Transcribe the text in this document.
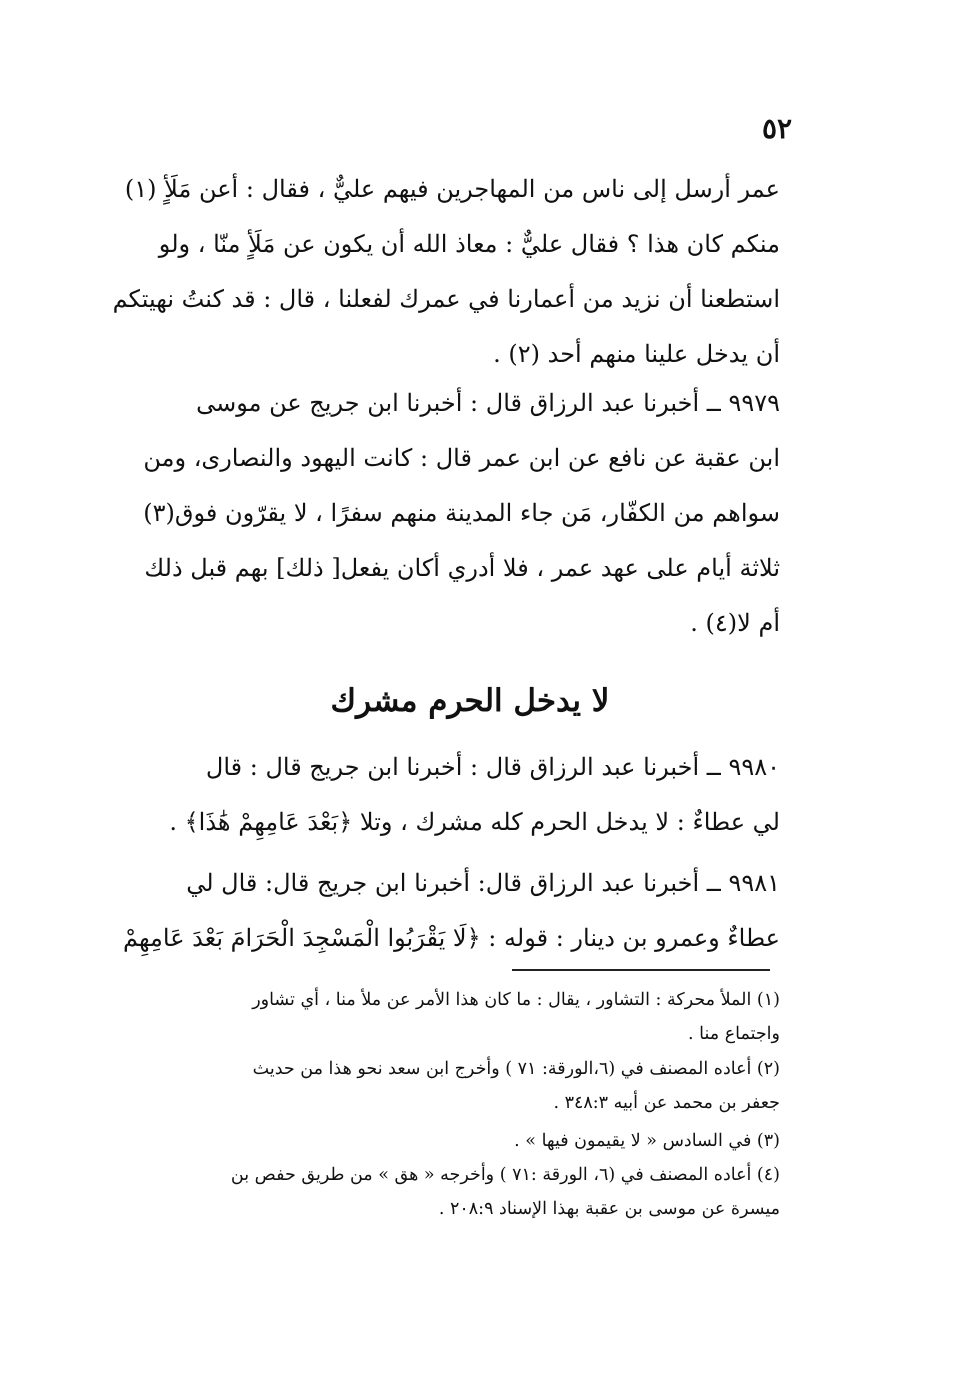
٥٢
عمر أرسل إلى ناس من المهاجرين فيهم عليٌّ ، فقال : أعن مَلَأٍ (١)
منكم كان هذا ؟ فقال عليٌّ : معاذ الله أن يكون عن مَلَأٍ منّا ، ولو
استطعنا أن نزيد من أعمارنا في عمرك لفعلنا ، قال : قد كنتُ نهيتكم
أن يدخل علينا منهم أحد (٢) .
٩٩٧٩ ــ أخبرنا عبد الرزاق قال : أخبرنا ابن جريج عن موسى
ابن عقبة عن نافع عن ابن عمر قال : كانت اليهود والنصارى، ومن
سواهم من الكفّار، مَن جاء المدينة منهم سفرًا ، لا يقرّون فوق(٣)
ثلاثة أيام على عهد عمر ، فلا أدري أكان يفعل[ ذلك] بهم قبل ذلك
أم لا(٤) .
لا يدخل الحرم مشرك
٩٩٨٠ ــ أخبرنا عبد الرزاق قال : أخبرنا ابن جريج قال : قال
لي عطاءٌ : لا يدخل الحرم كله مشرك ، وتلا ﴿بَعْدَ عَامِهِمْ هَٰذَا﴾ .
٩٩٨١ ــ أخبرنا عبد الرزاق قال: أخبرنا ابن جريج قال: قال لي
عطاءٌ وعمرو بن دينار : قوله : ﴿لَا يَقْرَبُوا الْمَسْجِدَ الْحَرَامَ بَعْدَ عَامِهِمْ
(١) الملأ محركة : التشاور ، يقال : ما كان هذا الأمر عن ملأ منا ، أي تشاور
واجتماع منا .
(٢) أعاده المصنف في (٦،الورقة: ٧١ ) وأخرج ابن سعد نحو هذا من حديث
جعفر بن محمد عن أبيه ٣٤٨:٣ .
(٣) في السادس « لا يقيمون فيها » .
(٤) أعاده المصنف في (٦، الورقة :٧١ ) وأخرجه « هق » من طريق حفص بن
ميسرة عن موسى بن عقبة بهذا الإسناد ٢٠٨:٩ .
